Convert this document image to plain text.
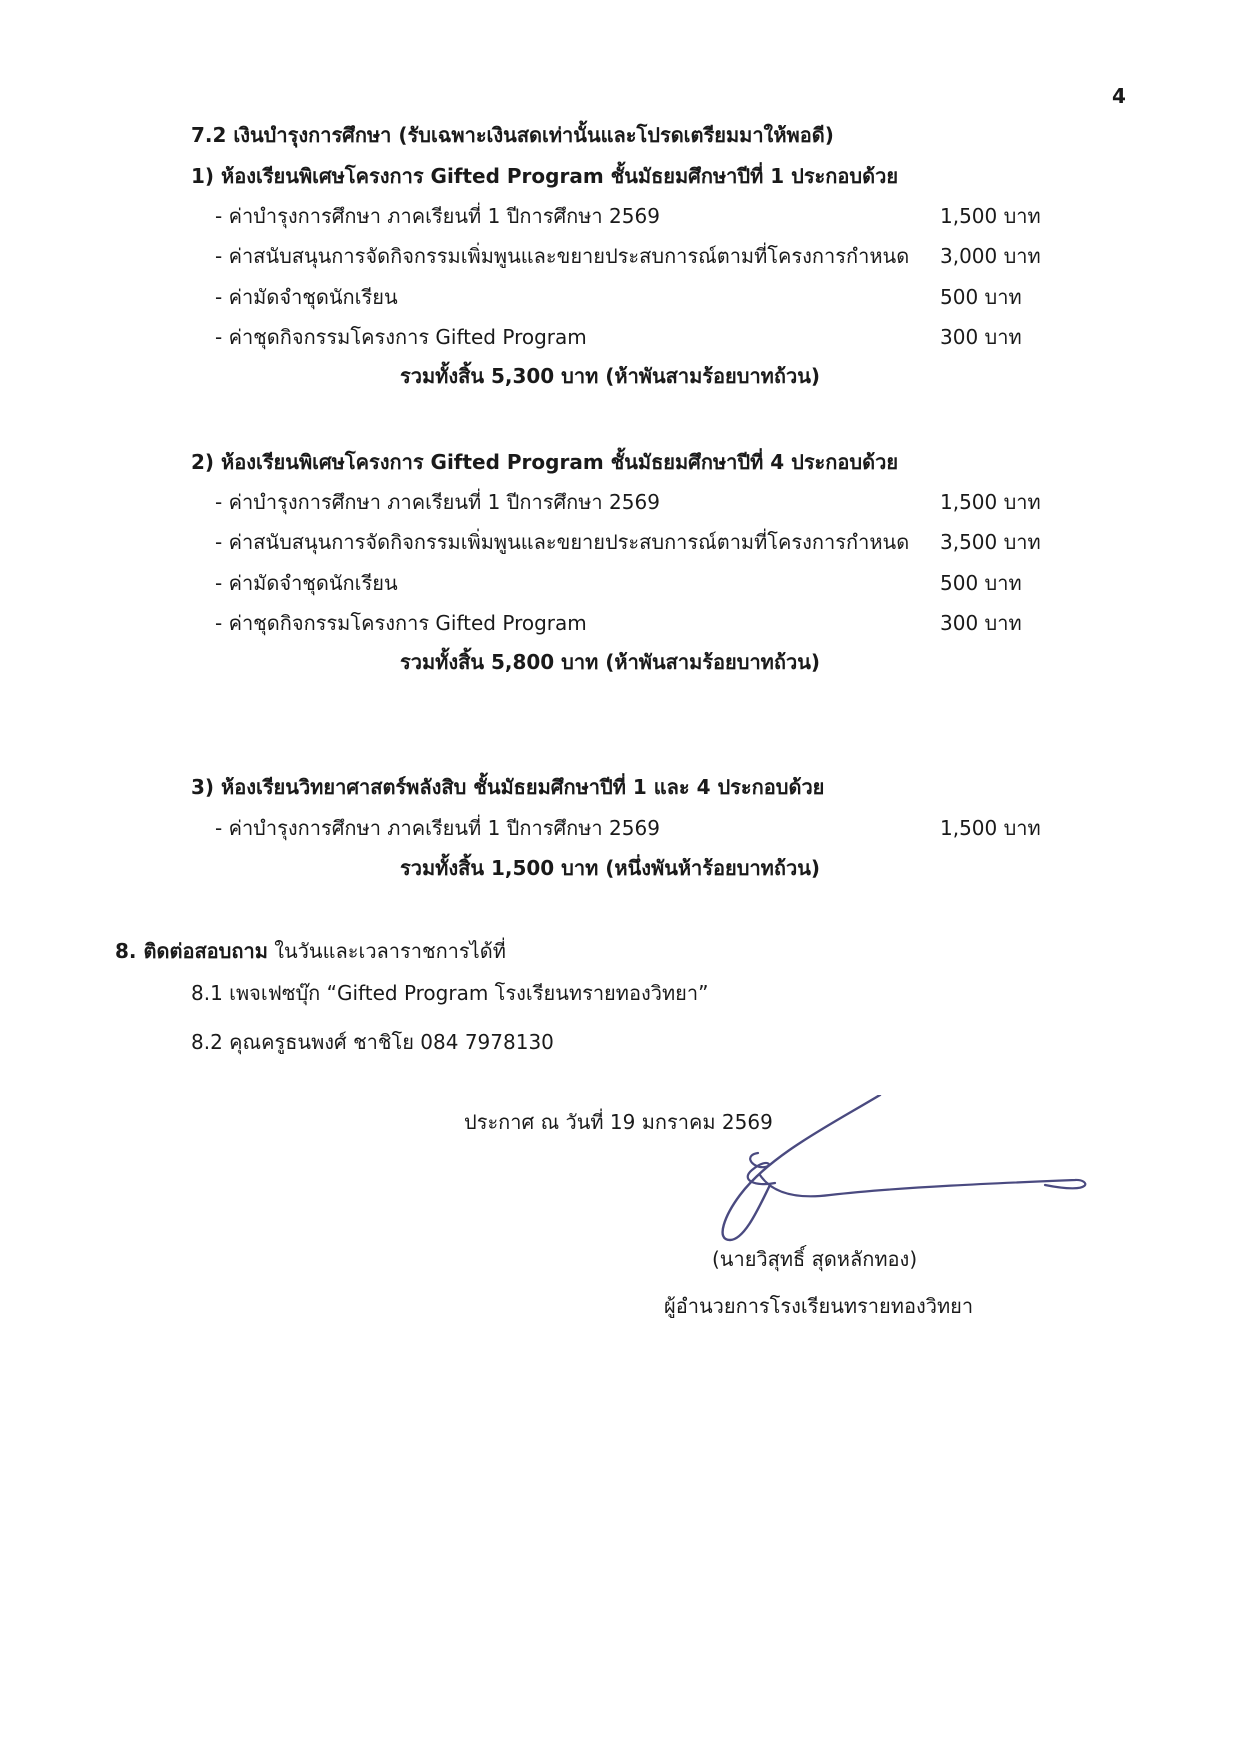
4
7.2 เงินบำรุงการศึกษา (รับเฉพาะเงินสดเท่านั้นและโปรดเตรียมมาให้พอดี)
1) ห้องเรียนพิเศษโครงการ Gifted Program ชั้นมัธยมศึกษาปีที่ 1 ประกอบด้วย
- ค่าบำรุงการศึกษา ภาคเรียนที่ 1 ปีการศึกษา 2569	1,500 บาท
- ค่าสนับสนุนการจัดกิจกรรมเพิ่มพูนและขยายประสบการณ์ตามที่โครงการกำหนด 3,000 บาท
- ค่ามัดจำชุดนักเรียน	500 บาท
- ค่าชุดกิจกรรมโครงการ Gifted Program	300 บาท
รวมทั้งสิ้น 5,300 บาท (ห้าพันสามร้อยบาทถ้วน)
2) ห้องเรียนพิเศษโครงการ Gifted Program ชั้นมัธยมศึกษาปีที่ 4 ประกอบด้วย
- ค่าบำรุงการศึกษา ภาคเรียนที่ 1 ปีการศึกษา 2569	1,500 บาท
- ค่าสนับสนุนการจัดกิจกรรมเพิ่มพูนและขยายประสบการณ์ตามที่โครงการกำหนด 3,500 บาท
- ค่ามัดจำชุดนักเรียน	500 บาท
- ค่าชุดกิจกรรมโครงการ Gifted Program	300 บาท
รวมทั้งสิ้น 5,800 บาท (ห้าพันสามร้อยบาทถ้วน)
3) ห้องเรียนวิทยาศาสตร์พลังสิบ ชั้นมัธยมศึกษาปีที่ 1 และ 4 ประกอบด้วย
- ค่าบำรุงการศึกษา ภาคเรียนที่ 1 ปีการศึกษา 2569	1,500 บาท
รวมทั้งสิ้น 1,500 บาท (หนึ่งพันห้าร้อยบาทถ้วน)
8. ติดต่อสอบถาม ในวันและเวลาราชการได้ที่
8.1 เพจเฟซบุ๊ก “Gifted Program โรงเรียนทรายทองวิทยา”
8.2 คุณครูธนพงศ์ ชาชิโย 084 7978130
ประกาศ ณ วันที่ 19 มกราคม 2569
(นายวิสุทธิ์ สุดหลักทอง)
ผู้อำนวยการโรงเรียนทรายทองวิทยา
